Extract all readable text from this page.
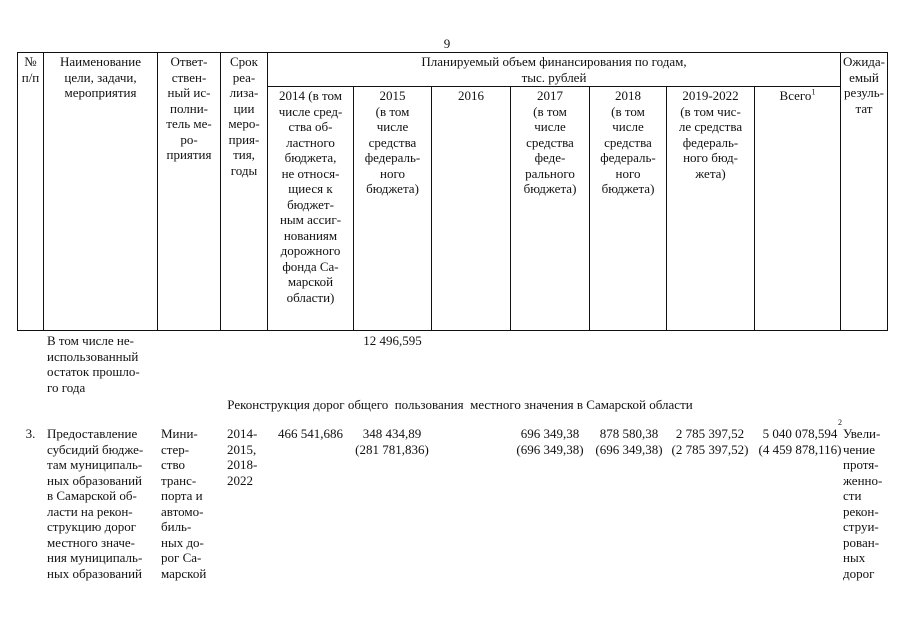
9
№
п/п
Наименование
цели, задачи,
мероприятия
Ответ-
ствен-
ный ис-
полни-
тель ме-
ро-
приятия
Срок
реа-
лиза-
ции
меро-
прия-
тия,
годы
Планируемый объем финансирования по годам,
тыс. рублей
Ожида-
емый
резуль-
тат
2014 (в том
числе сред-
ства об-
ластного
бюджета,
не относя-
щиеся к
бюджет-
ным ассиг-
нованиям
дорожного
фонда Са-
марской
области)
2015
(в том
числе
средства
федераль-
ного
бюджета)
2016	2017
(в том
числе
средства
феде-
рального
бюджета)
2018
(в том
числе
средства
федераль-
ного
бюджета)
2019-2022
(в том чис-
ле средства
федераль-
ного бюд-
жета)
Всего$^1$
В том числе не-
использованный
остаток прошло-
го года
12 496,595
Реконструкция дорог общего  пользования  местного значения в Самарской области
3. Предоставление
субсидий бюдже-
там муниципаль-
ных образований
в Самарской об-
ласти на рекон-
струкцию дорог
местного значе-
ния муниципаль-
ных образований
Мини-
стер-
ство
транс-
порта и
автомо-
биль-
ных до-
рог Са-
марской
2014-
2015,
2018-
2022
466 541,686	348 434,89
(281 781,836)
696 349,38
(696 349,38)
878 580,38
(696 349,38)
2 785 397,52
(2 785 397,52)
5 040 078,594
(4 459 878,116)
2
Увели-
чение
протя-
женно-
сти
рекон-
струи-
рован-
ных
дорог
